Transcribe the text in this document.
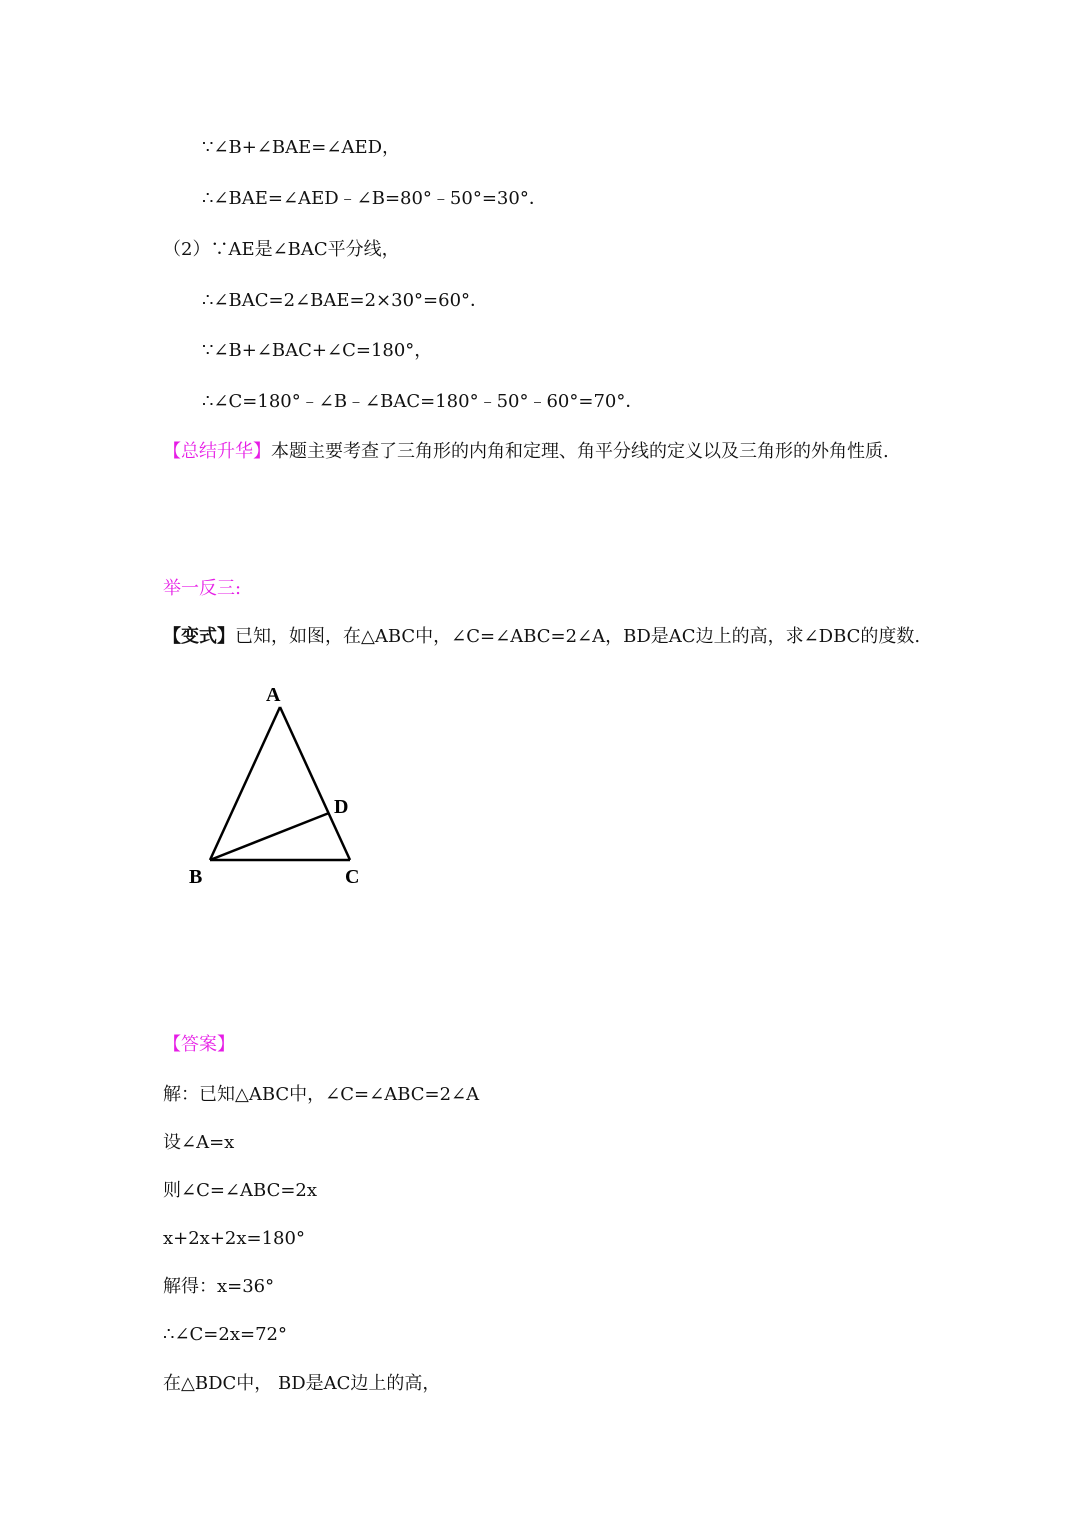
∵∠B+∠BAE=∠AED，
∴∠BAE=∠AED﹣∠B=80°﹣50°=30°．
（2）∵AE是∠BAC平分线，
∴∠BAC=2∠BAE=2×30°=60°．
∵∠B+∠BAC+∠C=180°，
∴∠C=180°﹣∠B﹣∠BAC=180°﹣50°﹣60°=70°．
【总结升华】本题主要考查了三角形的内角和定理、角平分线的定义以及三角形的外角性质.
举一反三:
【变式】已知，如图，在△ABC中，∠C=∠ABC=2∠A，BD是AC边上的高，求∠DBC的度数.
A
B	C
D
【答案】
解：已知△ABC中，∠C=∠ABC=2∠A
设∠A=x
则∠C=∠ABC=2x
x+2x+2x=180°
解得：x=36°
∴∠C=2x=72°
在△BDC中， BD是AC边上的高，
